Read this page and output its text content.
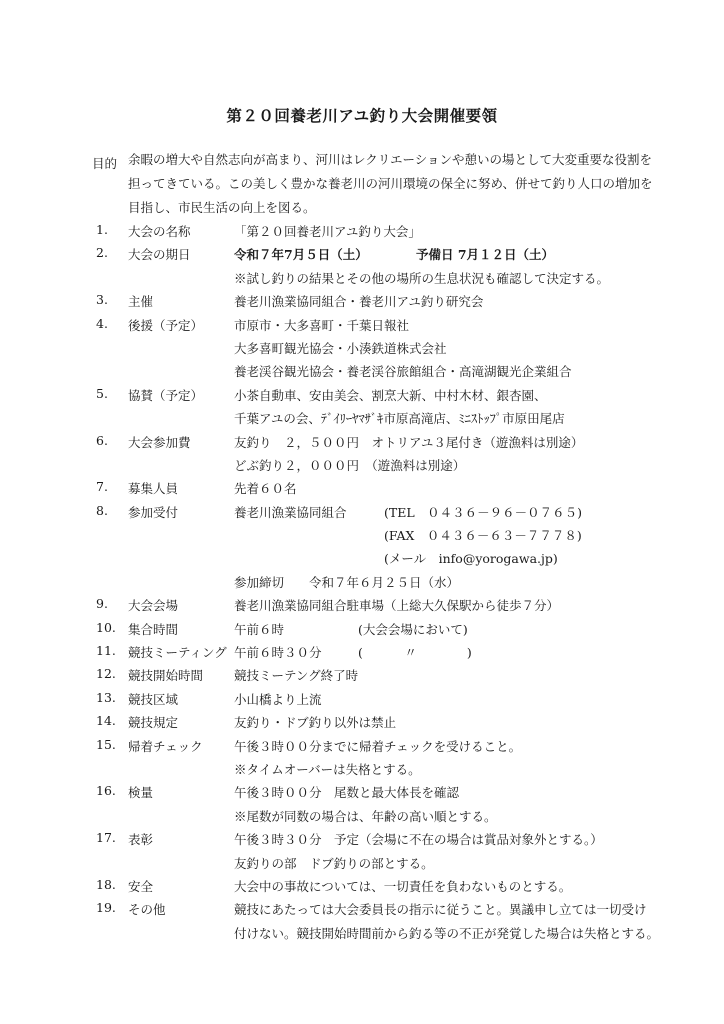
第２０回養老川アユ釣り大会開催要領
目的 余暇の増大や自然志向が高まり、河川はレクリエーションや憩いの場として大変重要な役割を
担ってきている。この美しく豊かな養老川の河川環境の保全に努め、併せて釣り人口の増加を
目指し、市民生活の向上を図る。
1.	大会の名称	「第２０回養老川アユ釣り大会」
2.	大会の期日	令和７年7月５日（土）	予備日 7月１２日（土）
※試し釣りの結果とその他の場所の生息状況も確認して決定する。
3.	主催	養老川漁業協同組合・養老川アユ釣り研究会
4.	後援（予定）	市原市・大多喜町・千葉日報社
大多喜町観光協会・小湊鉄道株式会社
養老渓谷観光協会・養老渓谷旅館組合・高滝湖観光企業組合
5.	協賛（予定）	小茶自動車、安由美会、割烹大新、中村木材、銀杏園、
千葉アユの会、ﾃﾞｲﾘｰﾔﾏｻﾞｷ市原高滝店、ﾐﾆｽﾄｯﾌﾟ市原田尾店
6.	大会参加費	友釣り　２，５００円　オトリアユ３尾付き（遊漁料は別途）
どぶ釣り２，０００円　（遊漁料は別途）
7.	募集人員	先着６０名
8.	参加受付	養老川漁業協同組合	(TEL　０４３６－９６－０７６５)
(FAX　０４３６－６３－７７７８)
(メール　info@yorogawa.jp)
参加締切　　令和７年６月２５日（水）
9.	大会会場	養老川漁業協同組合駐車場（上総大久保駅から徒歩７分）
10. 集合時間	午前６時	(大会会場において)
11. 競技ミーティング 午前６時３０分	(　　　 〃　　　　)
12. 競技開始時間	競技ミーテング終了時
13. 競技区域	小山橋より上流
14. 競技規定	友釣り・ドブ釣り以外は禁止
15. 帰着チェック	午後３時００分までに帰着チェックを受けること。
※タイムオーバーは失格とする。
16. 検量	午後３時００分　尾数と最大体長を確認
※尾数が同数の場合は、年齢の高い順とする。
17. 表彰	午後３時３０分　予定（会場に不在の場合は賞品対象外とする。）
友釣りの部　ドブ釣りの部とする。
18. 安全	大会中の事故については、一切責任を負わないものとする。
19. その他	競技にあたっては大会委員長の指示に従うこと。異議申し立ては一切受け
付けない。競技開始時間前から釣る等の不正が発覚した場合は失格とする。
